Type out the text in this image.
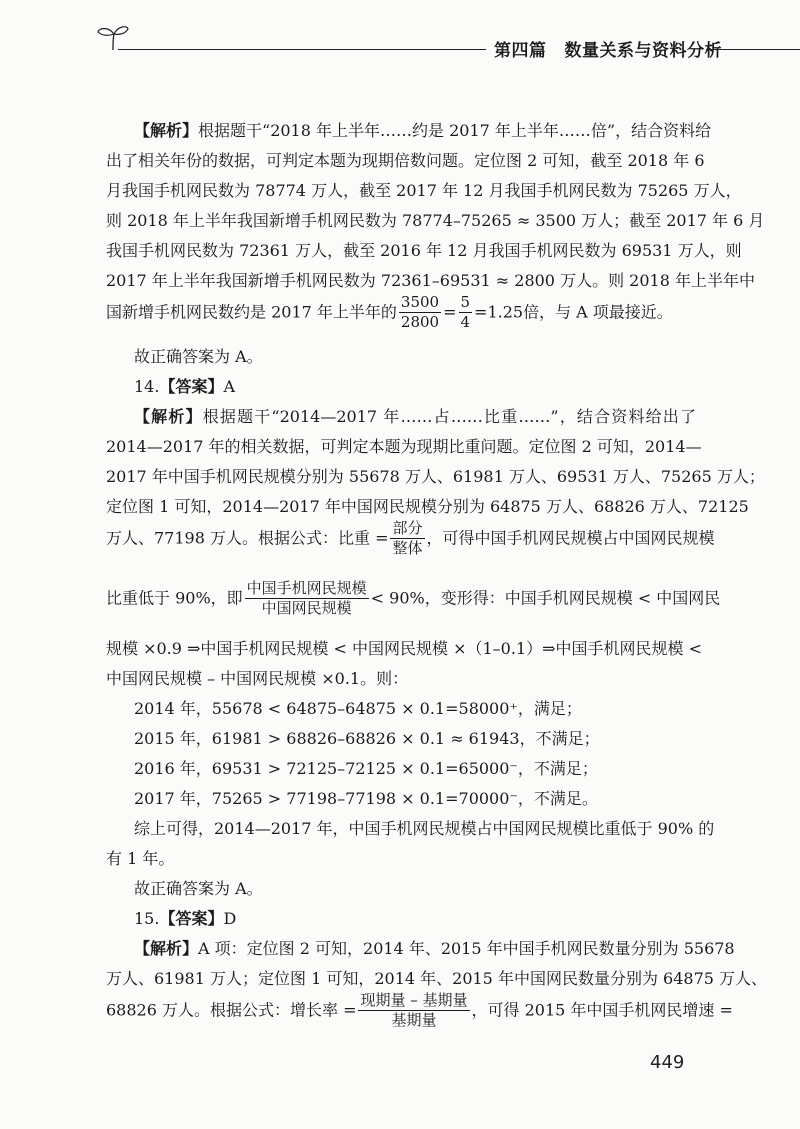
第四篇 数量关系与资料分析
【解析】根据题干“2018 年上半年……约是 2017 年上半年……倍”，结合资料给
出了相关年份的数据，可判定本题为现期倍数问题。定位图 2 可知，截至 2018 年 6
月我国手机网民数为 78774 万人，截至 2017 年 12 月我国手机网民数为 75265 万人，
则 2018 年上半年我国新增手机网民数为 78774–75265 ≈ 3500 万人；截至 2017 年 6 月
我国手机网民数为 72361 万人，截至 2016 年 12 月我国手机网民数为 69531 万人，则
2017 年上半年我国新增手机网民数为 72361–69531 ≈ 2800 万人。则 2018 年上半年中
国新增手机网民数约是 2017 年上半年的 $\frac{3500}{2800} = \frac{5}{4} =1.25$倍，与 A 项最接近。
故正确答案为 A。
14.【答案】A
【解析】根据题干“2014—2017 年……占……比重……”，结合资料给出了
2014—2017 年的相关数据，可判定本题为现期比重问题。定位图 2 可知，2014—
2017 年中国手机网民规模分别为 55678 万人、61981 万人、69531 万人、75265 万人；
定位图 1 可知，2014—2017 年中国网民规模分别为 64875 万人、68826 万人、72125
万人、77198 万人。根据公式：比重 = $\frac{\text{部分}}{\text{整体}}$ ，可得中国手机网民规模占中国网民规模
比重低于 90%，即 $\frac{\text{中国手机网民规模}}{\text{中国网民规模}} < 90\%$，变形得：中国手机网民规模 < 中国网民
规模 ×0.9 ⇒中国手机网民规模 < 中国网民规模 ×（1–0.1）⇒中国手机网民规模 <
中国网民规模 – 中国网民规模 ×0.1。则：
2014 年，55678 < 64875–64875 × 0.1=58000⁺，满足；
2015 年，61981 > 68826–68826 × 0.1 ≈ 61943，不满足；
2016 年，69531 > 72125–72125 × 0.1=65000⁻，不满足；
2017 年，75265 > 77198–77198 × 0.1=70000⁻，不满足。
综上可得，2014—2017 年，中国手机网民规模占中国网民规模比重低于 90% 的
有 1 年。
故正确答案为 A。
15.【答案】D
【解析】A 项：定位图 2 可知，2014 年、2015 年中国手机网民数量分别为 55678
万人、61981 万人；定位图 1 可知，2014 年、2015 年中国网民数量分别为 64875 万人、
68826 万人。根据公式：增长率 = $\frac{\text{现期量 – 基期量}}{\text{基期量}}$ ，可得 2015 年中国手机网民增速 =
449
